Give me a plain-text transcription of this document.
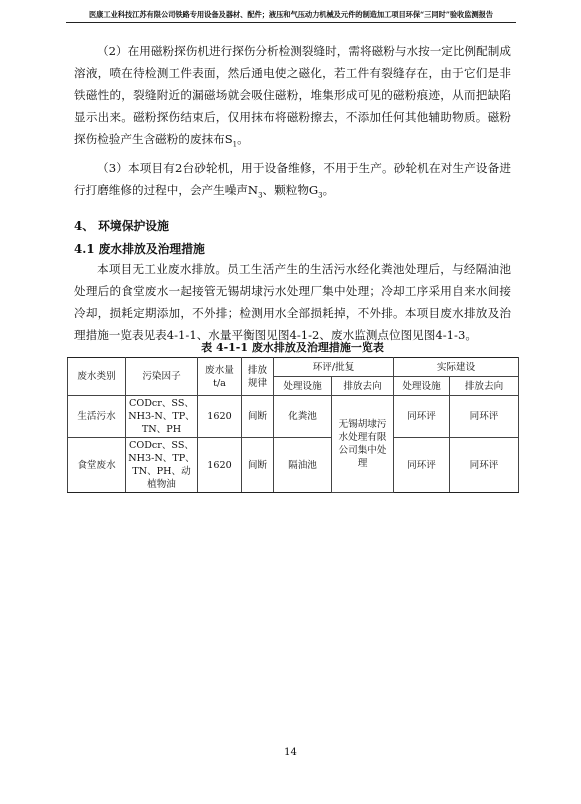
医康工业科技江苏有限公司铁路专用设备及器材、配件；液压和气压动力机械及元件的制造加工项目环保“三同时”验收监测报告

（2）在用磁粉探伤机进行探伤分析检测裂缝时，需将磁粉与水按一定比例配制成溶液，喷在待检测工件表面，然后通电使之磁化，若工件有裂缝存在，由于它们是非铁磁性的，裂缝附近的漏磁场就会吸住磁粉，堆集形成可见的磁粉痕迹，从而把缺陷显示出来。磁粉探伤结束后，仅用抹布将磁粉擦去，不添加任何其他辅助物质。磁粉探伤检验产生含磁粉的废抹布$S_1$。

（3）本项目有2台砂轮机，用于设备维修，不用于生产。砂轮机在对生产设备进行打磨维修的过程中，会产生噪声$N_3$、颗粒物$G_3$。

4、 环境保护设施
4.1 废水排放及治理措施

本项目无工业废水排放。员工生活产生的生活污水经化粪池处理后，与经隔油池处理后的食堂废水一起接管无锡胡埭污水处理厂集中处理；冷却工序采用自来水间接冷却，损耗定期添加，不外排；检测用水全部损耗掉，不外排。本项目废水排放及治理措施一览表见表4-1-1、水量平衡图见图4-1-2、废水监测点位图见图4-1-3。

表 4-1-1 废水排放及治理措施一览表
废水类别	污染因子	废水量t/a	排放规律	环评/批复		实际建设	
				处理设施	排放去向	处理设施	排放去向
生活污水	CODcr、SS、NH3-N、TP、TN、PH	1620	间断	化粪池	无锡胡埭污水处理有限公司集中处理	同环评	同环评
食堂废水	CODcr、SS、NH3-N、TP、TN、PH、动植物油	1620	间断	隔油池		同环评	同环评
14
